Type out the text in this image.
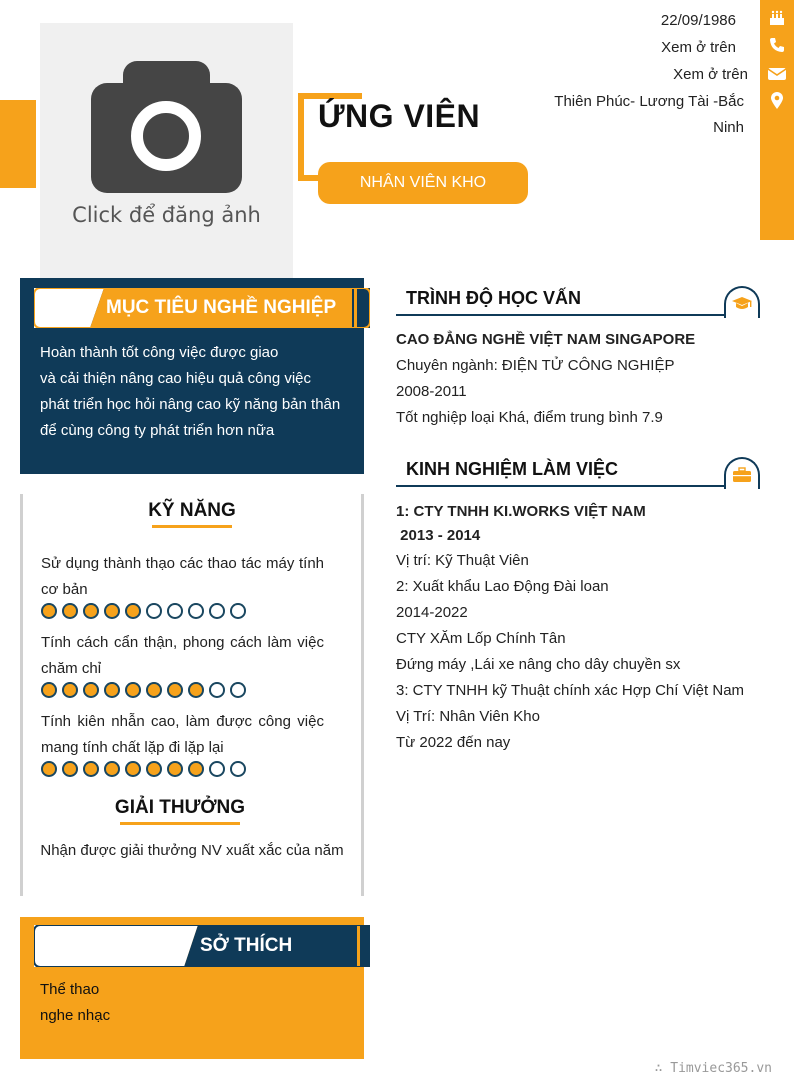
Click để đăng ảnh
ỨNG VIÊN
NHÂN VIÊN KHO
22/09/1986
Xem ở trên
Xem ở trên
Thiên Phúc- Lương Tài -Bắc
Ninh
MỤC TIÊU NGHỀ NGHIỆP
Hoàn thành tốt công việc được giao
và cải thiện nâng cao hiệu quả công việc
phát triển học hỏi nâng cao kỹ năng bản thân
để cùng công ty phát triển hơn nữa
KỸ NĂNG
Sử dụng thành thạo các thao tác máy tính cơ bản
Tính cách cẩn thận, phong cách làm việc chăm chỉ
Tính kiên nhẫn cao, làm được công việc mang tính chất lặp đi lặp lại
GIẢI THƯỞNG
Nhận được giải thưởng NV xuất xắc của năm
SỞ THÍCH
Thể thao
nghe nhạc
TRÌNH ĐỘ HỌC VẤN
CAO ĐẲNG NGHỀ VIỆT NAM SINGAPORE
Chuyên ngành: ĐIỆN TỬ CÔNG NGHIỆP
2008-2011
Tốt nghiệp loại Khá, điểm trung bình 7.9
KINH NGHIỆM LÀM VIỆC
1: CTY TNHH KI.WORKS VIỆT NAM
2013 - 2014
Vị trí: Kỹ Thuật Viên
2: Xuất khẩu Lao Động Đài loan
2014-2022
CTY XĂm Lốp Chính Tân
Đứng máy ,Lái xe nâng cho dây chuyền sx
3: CTY TNHH kỹ Thuật chính xác Hợp Chí Việt Nam
Vị Trí: Nhân Viên Kho
Từ 2022 đến nay
∴ Timviec365.vn
